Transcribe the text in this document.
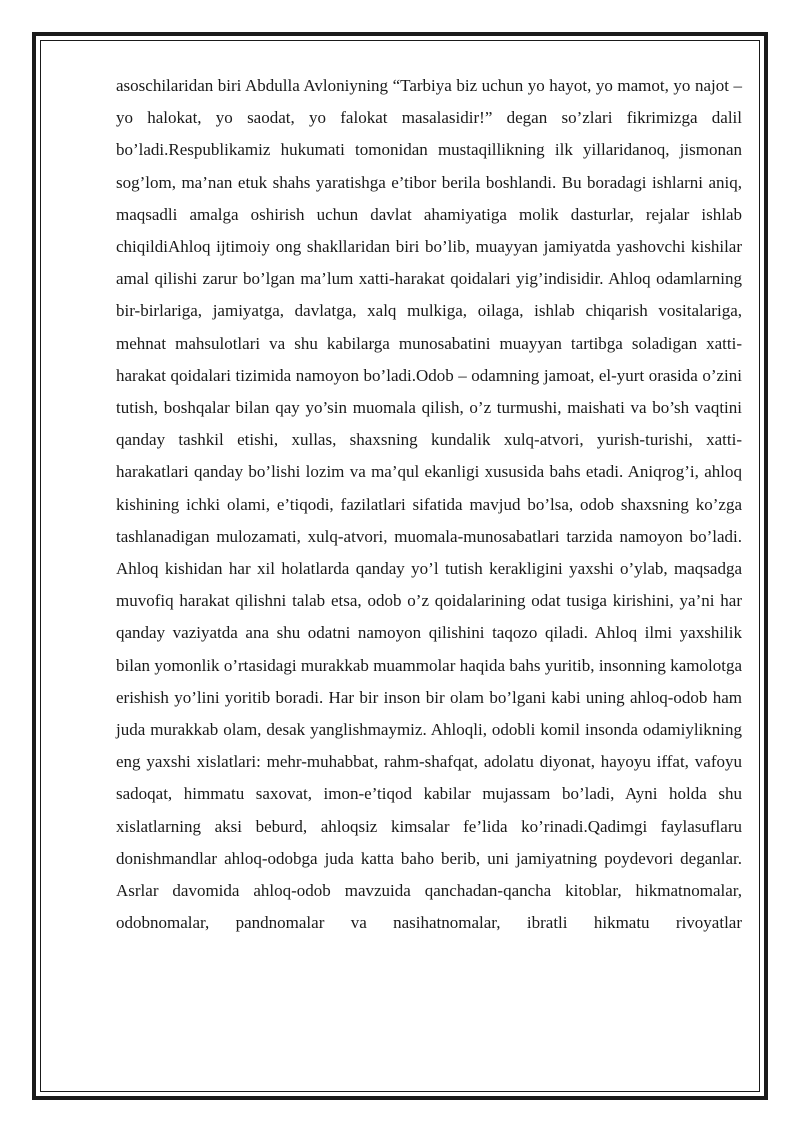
asoschilaridan biri Abdulla Avloniyning “Tarbiya biz uchun yo hayot, yo mamot, yo najot – yo halokat, yo saodat, yo falokat masalasidir!” degan so’zlari fikrimizga dalil bo’ladi.Respublikamiz hukumati tomonidan mustaqillikning ilk yillaridanoq, jismonan sog’lom, ma’nan etuk shahs yaratishga e’tibor berila boshlandi. Bu boradagi ishlarni aniq, maqsadli amalga oshirish uchun davlat ahamiyatiga molik dasturlar, rejalar ishlab chiqildiAhloq ijtimoiy ong shakllaridan biri bo’lib, muayyan jamiyatda yashovchi kishilar amal qilishi zarur bo’lgan ma’lum xatti-harakat qoidalari yig’indisidir. Ahloq odamlarning bir-birlariga, jamiyatga, davlatga, xalq mulkiga, oilaga, ishlab chiqarish vositalariga, mehnat mahsulotlari va shu kabilarga munosabatini muayyan tartibga soladigan xatti-harakat qoidalari tizimida namoyon bo’ladi.Odob – odamning jamoat, el-yurt orasida o’zini tutish, boshqalar bilan qay yo’sin muomala qilish, o’z turmushi, maishati va bo’sh vaqtini qanday tashkil etishi, xullas, shaxsning kundalik xulq-atvori, yurish-turishi, xatti-harakatlari qanday bo’lishi lozim va ma’qul ekanligi xususida bahs etadi. Aniqrog’i, ahloq kishining ichki olami, e’tiqodi, fazilatlari sifatida mavjud bo’lsa, odob shaxsning ko’zga tashlanadigan mulozamati, xulq-atvori, muomala-munosabatlari tarzida namoyon bo’ladi. Ahloq kishidan har xil holatlarda qanday yo’l tutish kerakligini yaxshi o’ylab, maqsadga muvofiq harakat qilishni talab etsa, odob o’z qoidalarining odat tusiga kirishini, ya’ni har qanday vaziyatda ana shu odatni namoyon qilishini taqozo qiladi. Ahloq ilmi yaxshilik bilan yomonlik o’rtasidagi murakkab muammolar haqida bahs yuritib, insonning kamolotga erishish yo’lini yoritib boradi. Har bir inson bir olam bo’lgani kabi uning ahloq-odob ham juda murakkab olam, desak yanglishmaymiz. Ahloqli, odobli komil insonda odamiylikning eng yaxshi xislatlari: mehr-muhabbat, rahm-shafqat, adolatu diyonat, hayoyu iffat, vafoyu sadoqat, himmatu saxovat, imon-e’tiqod kabilar mujassam bo’ladi, Ayni holda shu xislatlarning aksi beburd, ahloqsiz kimsalar fe’lida ko’rinadi.Qadimgi faylasuflaru donishmandlar ahloq-odobga juda katta baho berib, uni jamiyatning poydevori deganlar. Asrlar davomida ahloq-odob mavzuida qanchadan-qancha kitoblar, hikmatnomalar, odobnomalar, pandnomalar va nasihatnomalar, ibratli hikmatu rivoyatlar
